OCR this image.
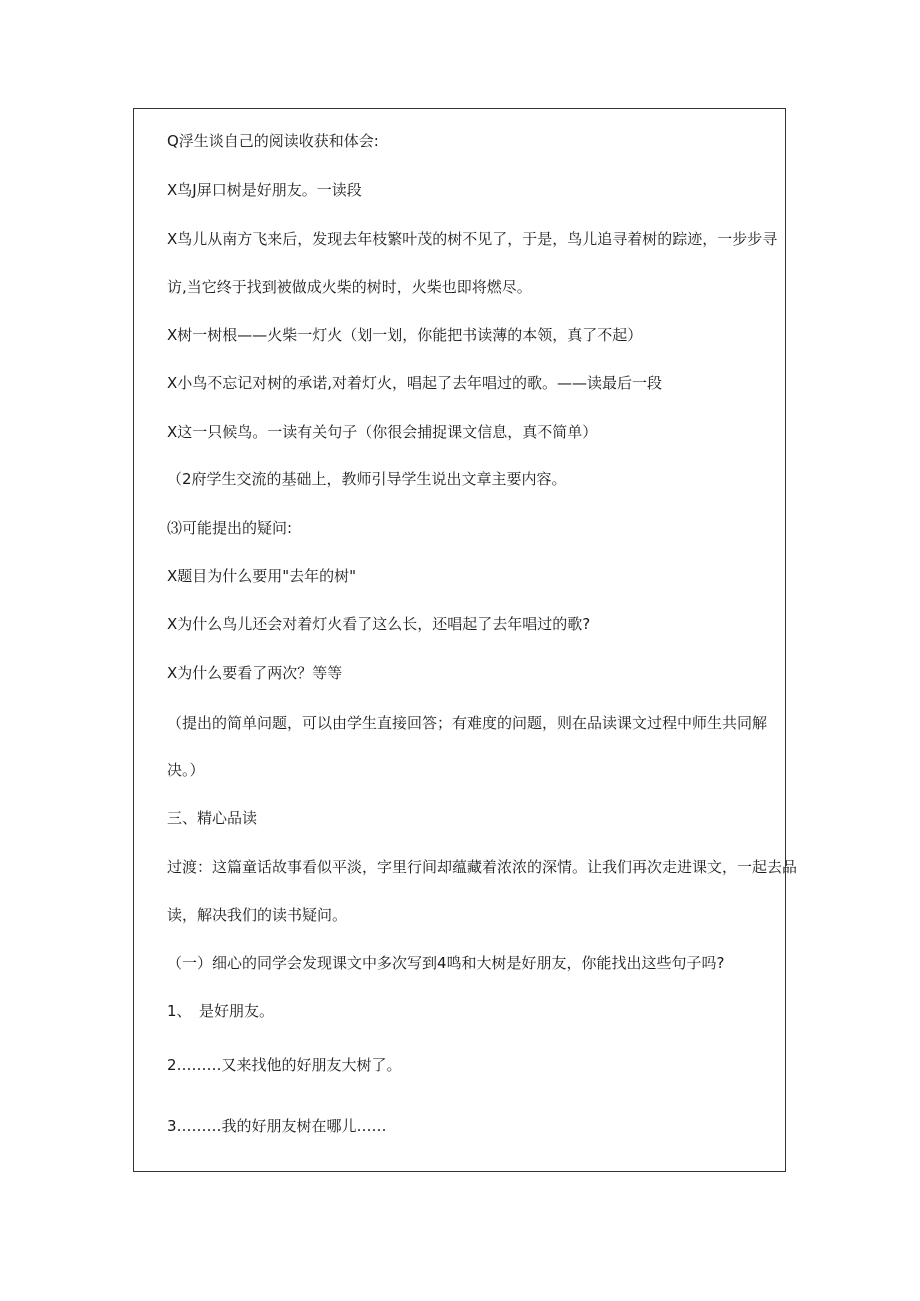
Q浮生谈自己的阅读收获和体会:
X鸟J屏口树是好朋友。一读段
X鸟儿从南方飞来后，发现去年枝繁叶茂的树不见了，于是，鸟儿追寻着树的踪迹，一步步寻
访,当它终于找到被做成火柴的树时，火柴也即将燃尽。
X树一树根——火柴一灯火（划一划，你能把书读薄的本领，真了不起）
X小鸟不忘记对树的承诺,对着灯火，唱起了去年唱过的歌。——读最后一段
X这一只候鸟。一读有关句子（你很会捕捉课文信息，真不简单）
（2府学生交流的基础上，教师引导学生说出文章主要内容。
⑶可能提出的疑问:
X题目为什么要用"去年的树"
X为什么鸟儿还会对着灯火看了这么长，还唱起了去年唱过的歌?
X为什么要看了两次？等等
（提出的简单问题，可以由学生直接回答；有难度的问题，则在品读课文过程中师生共同解
决。）
三、精心品读
过渡：这篇童话故事看似平淡，字里行间却蕴藏着浓浓的深情。让我们再次走进课文，一起去品
读，解决我们的读书疑问。
（一）细心的同学会发现课文中多次写到4鸣和大树是好朋友，你能找出这些句子吗?
1、　是好朋友。
2………又来找他的好朋友大树了。
3………我的好朋友树在哪儿……
